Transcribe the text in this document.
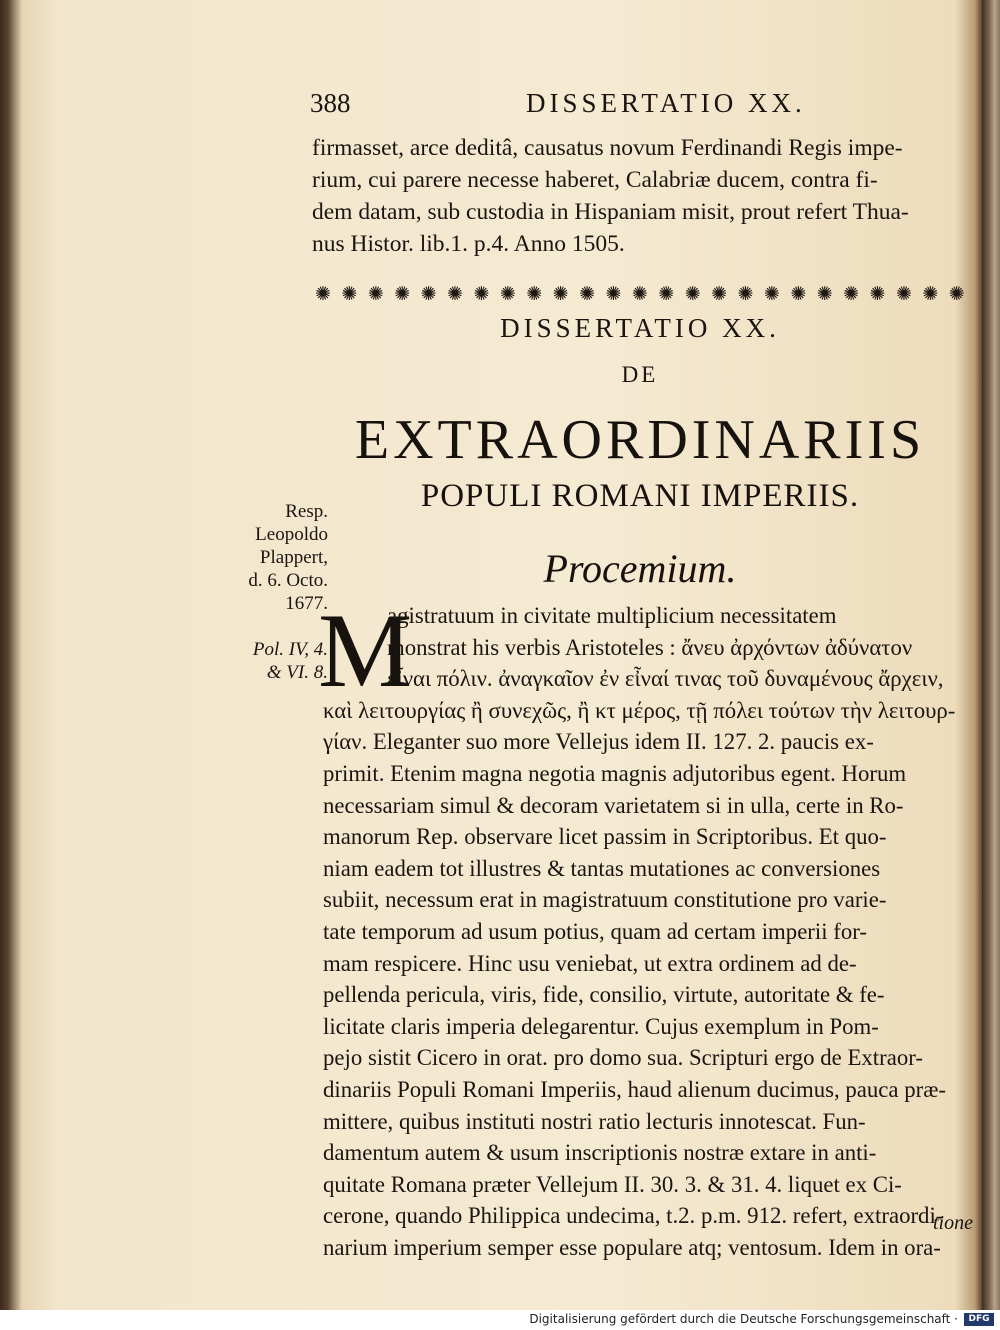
388	DISSERTATIO XX.
firmasset, arce deditâ, causatus novum Ferdinandi Regis impe-
rium, cui parere necesse haberet, Calabriæ ducem, contra fi-
dem datam, sub custodia in Hispaniam misit, prout refert Thua-
nus Histor. lib.1. p.4. Anno 1505.
✺ ✺ ✺ ✺ ✺ ✺ ✺ ✺ ✺ ✺ ✺ ✺ ✺ ✺ ✺ ✺ ✺ ✺ ✺ ✺ ✺ ✺ ✺ ✺ ✺
DISSERTATIO XX.
DE
EXTRAORDINARIIS
POPULI ROMANI IMPERIIS.
Procemium.
Resp.
Leopoldo
Plappert,
d. 6. Octo.
1677.
Pol. IV, 4.
& VI. 8.
M
agistratuum in civitate multiplicium necessitatem
monstrat his verbis Aristoteles : ἄνευ ἀρχόντων ἀδύνατον
εἶναι πόλιν. ἀναγκαῖον ἐν εἶναί τινας τοῦ δυναμένους ἄρχειν,
καὶ λειτουργίας ἢ συνεχῶς, ἢ κτ μέρος, τῇ πόλει τούτων τὴν λειτουρ-
γίαν. Eleganter suo more Vellejus idem II. 127. 2. paucis ex-
primit. Etenim magna negotia magnis adjutoribus egent. Horum
necessariam simul & decoram varietatem si in ulla, certe in Ro-
manorum Rep. observare licet passim in Scriptoribus. Et quo-
niam eadem tot illustres & tantas mutationes ac conversiones
subiit, necessum erat in magistratuum constitutione pro varie-
tate temporum ad usum potius, quam ad certam imperii for-
mam respicere. Hinc usu veniebat, ut extra ordinem ad de-
pellenda pericula, viris, fide, consilio, virtute, autoritate & fe-
licitate claris imperia delegarentur. Cujus exemplum in Pom-
pejo sistit Cicero in orat. pro domo sua. Scripturi ergo de Extraor-
dinariis Populi Romani Imperiis, haud alienum ducimus, pauca præ-
mittere, quibus instituti nostri ratio lecturis innotescat. Fun-
damentum autem & usum inscriptionis nostræ extare in anti-
quitate Romana præter Vellejum II. 30. 3. & 31. 4. liquet ex Ci-
cerone, quando Philippica undecima, t.2. p.m. 912. refert, extraordi-
narium imperium semper esse populare atq; ventosum. Idem in ora-
tione
Digitalisierung gefördert durch die Deutsche Forschungsgemeinschaft ·	DFG
